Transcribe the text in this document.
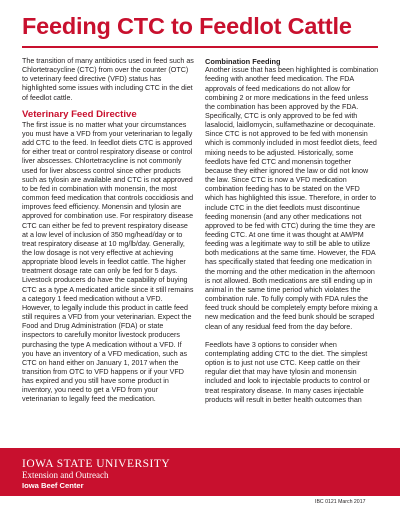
Feeding CTC to Feedlot Cattle

The transition of many antibiotics used in feed such as Chlortetracycline (CTC) from over the counter (OTC) to veterinary feed directive (VFD) status has highlighted some issues with including CTC in the diet of feedlot cattle.

Veterinary Feed Directive

The first issue is no matter what your circumstances you must have a VFD from your veterinarian to legally add CTC to the feed. In feedlot diets CTC is approved for either treat or control respiratory disease or control liver abscesses. Chlortetracycline is not commonly used for liver abscess control since other products such as tylosin are available and CTC is not approved to be fed in combination with monensin, the most common feed medication that controls coccidiosis and improves feed efficiency. Monensin and tylosin are approved for combination use. For respiratory disease CTC can either be fed to prevent respiratory disease at a low level of inclusion of 350 mg/head/day or to treat respiratory disease at 10 mg/lb/day. Generally, the low dosage is not very effective at achieving appropriate blood levels in feedlot cattle. The higher treatment dosage rate can only be fed for 5 days. Livestock producers do have the capability of buying CTC as a type A medicated article since it still remains a category 1 feed medication without a VFD. However, to legally include this product in cattle feed still requires a VFD from your veterinarian. Expect the Food and Drug Administration (FDA) or state inspectors to carefully monitor livestock producers purchasing the type A medication without a VFD. If you have an inventory of a VFD medication, such as CTC on hand either on January 1, 2017 when the transition from OTC to VFD happens or if your VFD has expired and you still have some product in inventory, you need to get a VFD from your veterinarian to legally feed the medication.

Combination Feeding

Another issue that has been highlighted is combination feeding with another feed medication. The FDA approvals of feed medications do not allow for combining 2 or more medications in the feed unless the combination has been approved by the FDA. Specifically, CTC is only approved to be fed with lasalocid, laidlomycin, sulfamethazine or decoquinate. Since CTC is not approved to be fed with monensin which is commonly included in most feedlot diets, feed mixing needs to be adjusted. Historically, some feedlots have fed CTC and monensin together because they either ignored the law or did not know the law. Since CTC is now a VFD medication combination feeding has to be stated on the VFD which has highlighted this issue. Therefore, in order to include CTC in the diet feedlots must discontinue feeding monensin (and any other medications not approved to be fed with CTC) during the time they are feeding CTC. At one time it was thought at AM/PM feeding was a legitimate way to still be able to utilize both medications at the same time. However, the FDA has specifically stated that feeding one medication in the morning and the other medication in the afternoon is not allowed. Both medications are still ending up in animal in the same time period which violates the combination rule. To fully comply with FDA rules the feed truck should be completely empty before mixing a new medication and the feed bunk should be scraped clean of any residual feed from the day before.

Feedlots have 3 options to consider when contemplating adding CTC to the diet. The simplest option is to just not use CTC. Keep cattle on their regular diet that may have tylosin and monensin included and look to injectable products to control or treat respiratory disease. In many cases injectable products will result in better health outcomes than

IOWA STATE UNIVERSITY
Extension and Outreach
Iowa Beef Center
IBC 0121 March 2017
